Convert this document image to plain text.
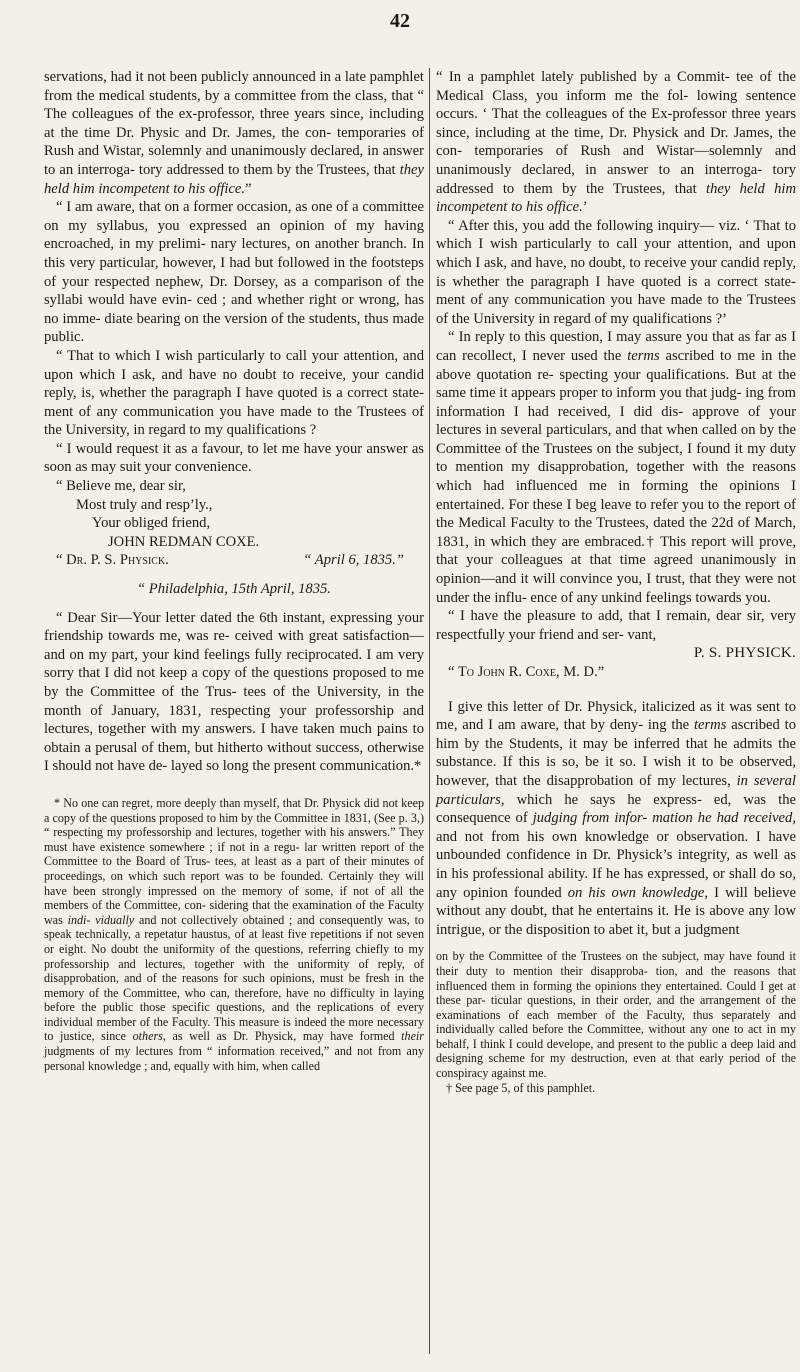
42

servations, had it not been publicly announced in a late pamphlet from the medical students, by a committee from the class, that “ The colleagues of the ex-professor, three years since, including at the time Dr. Physic and Dr. James, the con- temporaries of Rush and Wistar, solemnly and unanimously declared, in answer to an interroga- tory addressed to them by the Trustees, that they held him incompetent to his office.”

“ I am aware, that on a former occasion, as one of a committee on my syllabus, you expressed an opinion of my having encroached, in my prelimi- nary lectures, on another branch. In this very particular, however, I had but followed in the footsteps of your respected nephew, Dr. Dorsey, as a comparison of the syllabi would have evin- ced ; and whether right or wrong, has no imme- diate bearing on the version of the students, thus made public.

“ That to which I wish particularly to call your attention, and upon which I ask, and have no doubt to receive, your candid reply, is, whether the paragraph I have quoted is a correct state- ment of any communication you have made to the Trustees of the University, in regard to my qualifications ?

“ I would request it as a favour, to let me have your answer as soon as may suit your convenience.

“ Believe me, dear sir,

Most truly and resp’ly.,

Your obliged friend,

JOHN REDMAN COXE.

“ Dr. P. S. Physick.	“ April 6, 1835.”

“ Philadelphia, 15th April, 1835.

“ Dear Sir—Your letter dated the 6th instant, expressing your friendship towards me, was re- ceived with great satisfaction—and on my part, your kind feelings fully reciprocated. I am very sorry that I did not keep a copy of the questions proposed to me by the Committee of the Trus- tees of the University, in the month of January, 1831, respecting your professorship and lectures, together with my answers. I have taken much pains to obtain a perusal of them, but hitherto without success, otherwise I should not have de- layed so long the present communication.*

* No one can regret, more deeply than myself, that Dr. Physick did not keep a copy of the questions proposed to him by the Committee in 1831, (See p. 3,) “ respecting my professorship and lectures, together with his answers.” They must have existence somewhere ; if not in a regu- lar written report of the Committee to the Board of Trus- tees, at least as a part of their minutes of proceedings, on which such report was to be founded. Certainly they will have been strongly impressed on the memory of some, if not of all the members of the Committee, con- sidering that the examination of the Faculty was indi- vidually and not collectively obtained ; and consequently was, to speak technically, a repetatur haustus, of at least five repetitions if not seven or eight. No doubt the uniformity of the questions, referring chiefly to my professorship and lectures, together with the uniformity of reply, of disapprobation, and of the reasons for such opinions, must be fresh in the memory of the Committee, who can, therefore, have no difficulty in laying before the public those specific questions, and the replications of every individual member of the Faculty. This measure is indeed the more necessary to justice, since others, as well as Dr. Physick, may have formed their judgments of my lectures from “ information received,” and not from any personal knowledge ; and, equally with him, when called

“ In a pamphlet lately published by a Commit- tee of the Medical Class, you inform me the fol- lowing sentence occurs. ‘ That the colleagues of the Ex-professor three years since, including at the time, Dr. Physick and Dr. James, the con- temporaries of Rush and Wistar—solemnly and unanimously declared, in answer to an interroga- tory addressed to them by the Trustees, that they held him incompetent to his office.’

“ After this, you add the following inquiry— viz. ‘ That to which I wish particularly to call your attention, and upon which I ask, and have, no doubt, to receive your candid reply, is whether the paragraph I have quoted is a correct state- ment of any communication you have made to the Trustees of the University in regard of my qualifications ?’

“ In reply to this question, I may assure you that as far as I can recollect, I never used the terms ascribed to me in the above quotation re- specting your qualifications. But at the same time it appears proper to inform you that judg- ing from information I had received, I did dis- approve of your lectures in several particulars, and that when called on by the Committee of the Trustees on the subject, I found it my duty to mention my disapprobation, together with the reasons which had influenced me in forming the opinions I entertained. For these I beg leave to refer you to the report of the Medical Faculty to the Trustees, dated the 22d of March, 1831, in which they are embraced.† This report will prove, that your colleagues at that time agreed unanimously in opinion—and it will convince you, I trust, that they were not under the influ- ence of any unkind feelings towards you.

“ I have the pleasure to add, that I remain, dear sir, very respectfully your friend and ser- vant,

P. S. PHYSICK.

“ To John R. Coxe, M. D.”

I give this letter of Dr. Physick, italicized as it was sent to me, and I am aware, that by deny- ing the terms ascribed to him by the Students, it may be inferred that he admits the substance. If this is so, be it so. I wish it to be observed, however, that the disapprobation of my lectures, in several particulars, which he says he express- ed, was the consequence of judging from infor- mation he had received, and not from his own knowledge or observation. I have unbounded confidence in Dr. Physick’s integrity, as well as in his professional ability. If he has expressed, or shall do so, any opinion founded on his own knowledge, I will believe without any doubt, that he entertains it. He is above any low intrigue, or the disposition to abet it, but a judgment

on by the Committee of the Trustees on the subject, may have found it their duty to mention their disapproba- tion, and the reasons that influenced them in forming the opinions they entertained. Could I get at these par- ticular questions, in their order, and the arrangement of the examinations of each member of the Faculty, thus separately and individually called before the Committee, without any one to act in my behalf, I think I could develope, and present to the public a deep laid and designing scheme for my destruction, even at that early period of the conspiracy against me.

† See page 5, of this pamphlet.
